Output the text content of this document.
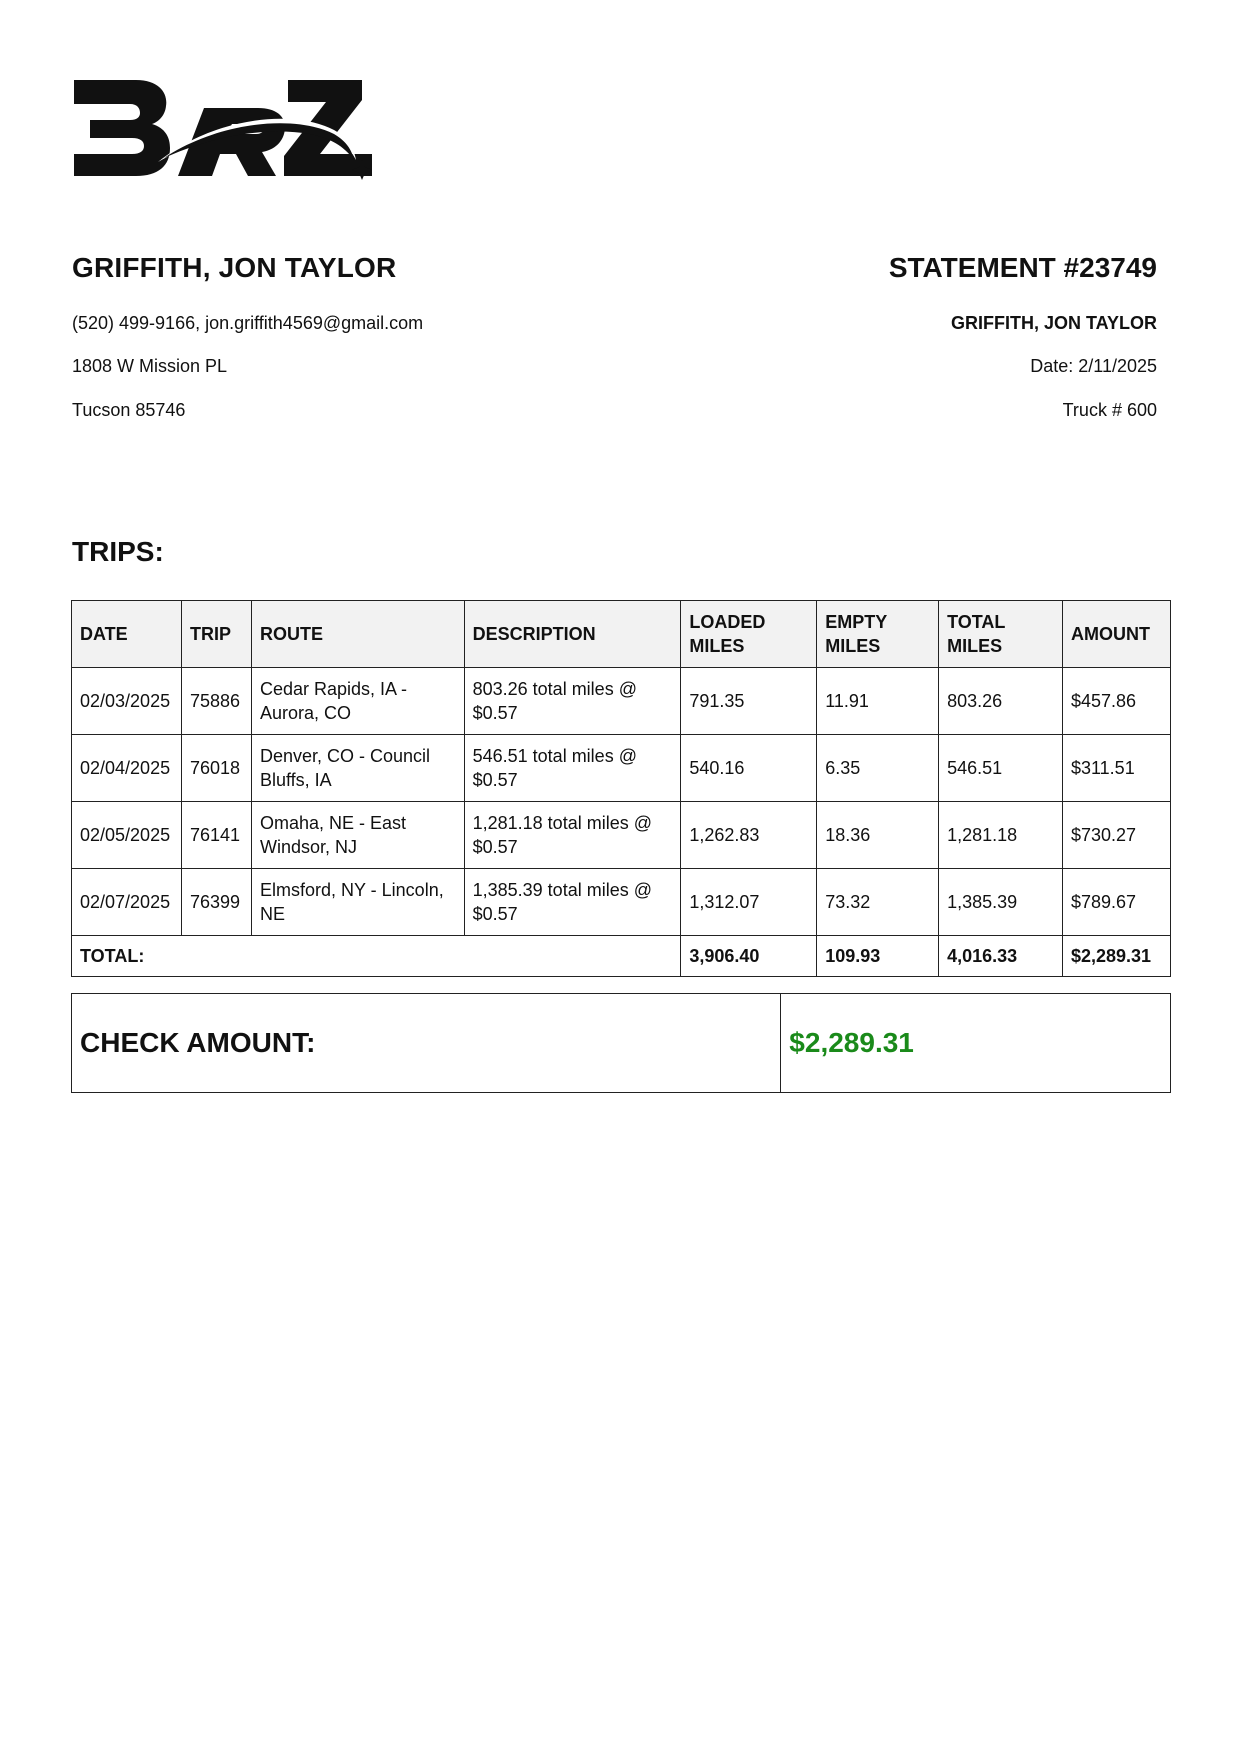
GRIFFITH, JON TAYLOR	STATEMENT #23749
(520) 499-9166, jon.griffith4569@gmail.com
1808 W Mission PL
Tucson 85746
GRIFFITH, JON TAYLOR
Date: 2/11/2025
Truck # 600
TRIPS:
DATE	TRIP	ROUTE	DESCRIPTION	LOADED MILES	EMPTY MILES	TOTAL MILES	AMOUNT
02/03/2025	75886	Cedar Rapids, IA - Aurora, CO	803.26 total miles @ $0.57	791.35	11.91	803.26	$457.86
02/04/2025	76018	Denver, CO - Council Bluffs, IA	546.51 total miles @ $0.57	540.16	6.35	546.51	$311.51
02/05/2025	76141	Omaha, NE - East Windsor, NJ	1,281.18 total miles @ $0.57	1,262.83	18.36	1,281.18	$730.27
02/07/2025	76399	Elmsford, NY - Lincoln, NE	1,385.39 total miles @ $0.57	1,312.07	73.32	1,385.39	$789.67
TOTAL:				3,906.40	109.93	4,016.33	$2,289.31
CHECK AMOUNT:	$2,289.31
